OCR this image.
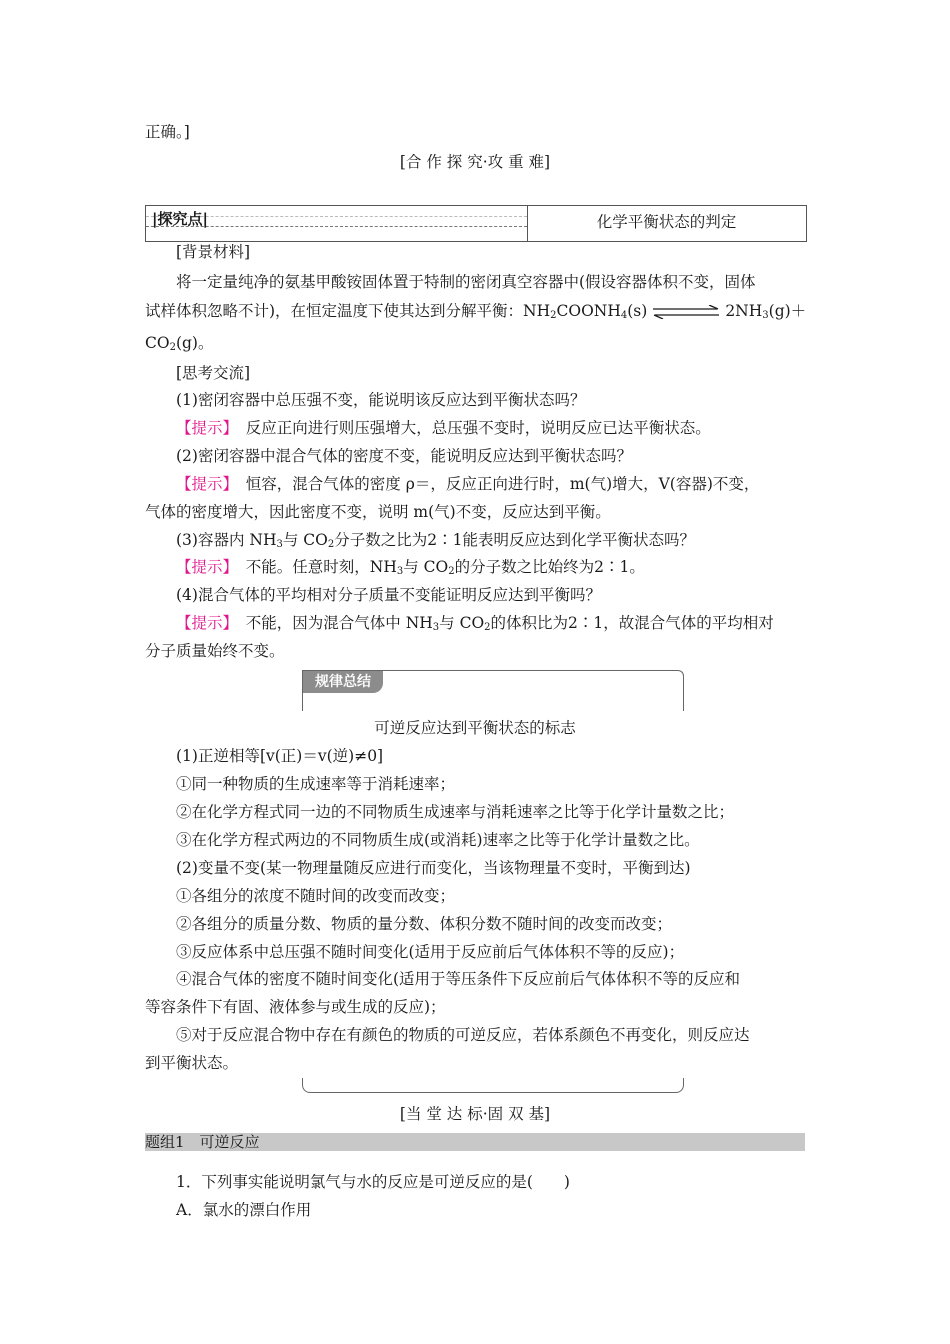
正确。]
[合 作 探 究·攻 重 难]
|探究点|	化学平衡状态的判定
[背景材料]
将一定量纯净的氨基甲酸铵固体置于特制的密闭真空容器中(假设容器体积不变，固体
试样体积忽略不计)，在恒定温度下使其达到分解平衡：$NH_2COONH_4(s)$	$2NH_3(g)+$
$CO_2(g)$。
[思考交流]
(1)密闭容器中总压强不变，能说明该反应达到平衡状态吗？
【提示】　 反应正向进行则压强增大，总压强不变时，说明反应已达平衡状态。
(2)密闭容器中混合气体的密度不变，能说明反应达到平衡状态吗？
【提示】　 恒容，混合气体的密度 ρ＝，反应正向进行时，m(气)增大，V(容器)不变，
气体的密度增大，因此密度不变，说明 m(气)不变，反应达到平衡。
(3)容器内 $NH_3$与 $CO_2$分子数之比为2∶1能表明反应达到化学平衡状态吗？
【提示】　 不能。任意时刻，$NH_3$与 $CO_2$的分子数之比始终为2∶1。
(4)混合气体的平均相对分子质量不变能证明反应达到平衡吗？
【提示】　 不能，因为混合气体中 $NH_3$与 $CO_2$的体积比为2∶1，故混合气体的平均相对
分子质量始终不变。
规律总结
可逆反应达到平衡状态的标志
(1)正逆相等[v(正)＝v(逆)≠0]
①同一种物质的生成速率等于消耗速率；
②在化学方程式同一边的不同物质生成速率与消耗速率之比等于化学计量数之比；
③在化学方程式两边的不同物质生成(或消耗)速率之比等于化学计量数之比。
(2)变量不变(某一物理量随反应进行而变化，当该物理量不变时，平衡到达)
①各组分的浓度不随时间的改变而改变；
②各组分的质量分数、物质的量分数、体积分数不随时间的改变而改变；
③反应体系中总压强不随时间变化(适用于反应前后气体体积不等的反应)；
④混合气体的密度不随时间变化(适用于等压条件下反应前后气体体积不等的反应和
等容条件下有固、液体参与或生成的反应)；
⑤对于反应混合物中存在有颜色的物质的可逆反应，若体系颜色不再变化，则反应达
到平衡状态。
[当 堂 达 标·固 双 基]
题组1　可逆反应
1．下列事实能说明氯气与水的反应是可逆反应的是(　　)
A．氯水的漂白作用
